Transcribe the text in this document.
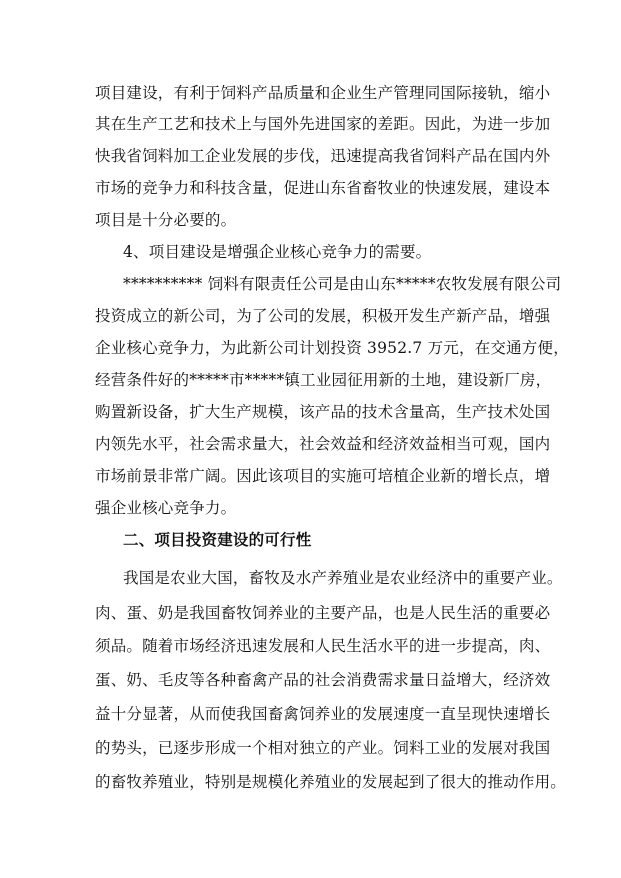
项目建设，有利于饲料产品质量和企业生产管理同国际接轨，缩小
其在生产工艺和技术上与国外先进国家的差距。因此，为进一步加
快我省饲料加工企业发展的步伐，迅速提高我省饲料产品在国内外
市场的竞争力和科技含量，促进山东省畜牧业的快速发展，建设本
项目是十分必要的。
4、项目建设是增强企业核心竞争力的需要。
********** 饲料有限责任公司是由山东*****农牧发展有限公司
投资成立的新公司，为了公司的发展，积极开发生产新产品，增强
企业核心竞争力，为此新公司计划投资 3952.7 万元，在交通方便，
经营条件好的*****市*****镇工业园征用新的土地，建设新厂房，
购置新设备，扩大生产规模，该产品的技术含量高，生产技术处国
内领先水平，社会需求量大，社会效益和经济效益相当可观，国内
市场前景非常广阔。因此该项目的实施可培植企业新的增长点，增
强企业核心竞争力。
二、项目投资建设的可行性
我国是农业大国，畜牧及水产养殖业是农业经济中的重要产业。
肉、蛋、奶是我国畜牧饲养业的主要产品，也是人民生活的重要必
须品。随着市场经济迅速发展和人民生活水平的进一步提高，肉、
蛋、奶、毛皮等各种畜禽产品的社会消费需求量日益增大，经济效
益十分显著，从而使我国畜禽饲养业的发展速度一直呈现快速增长
的势头，已逐步形成一个相对独立的产业。饲料工业的发展对我国
的畜牧养殖业，特别是规模化养殖业的发展起到了很大的推动作用。
